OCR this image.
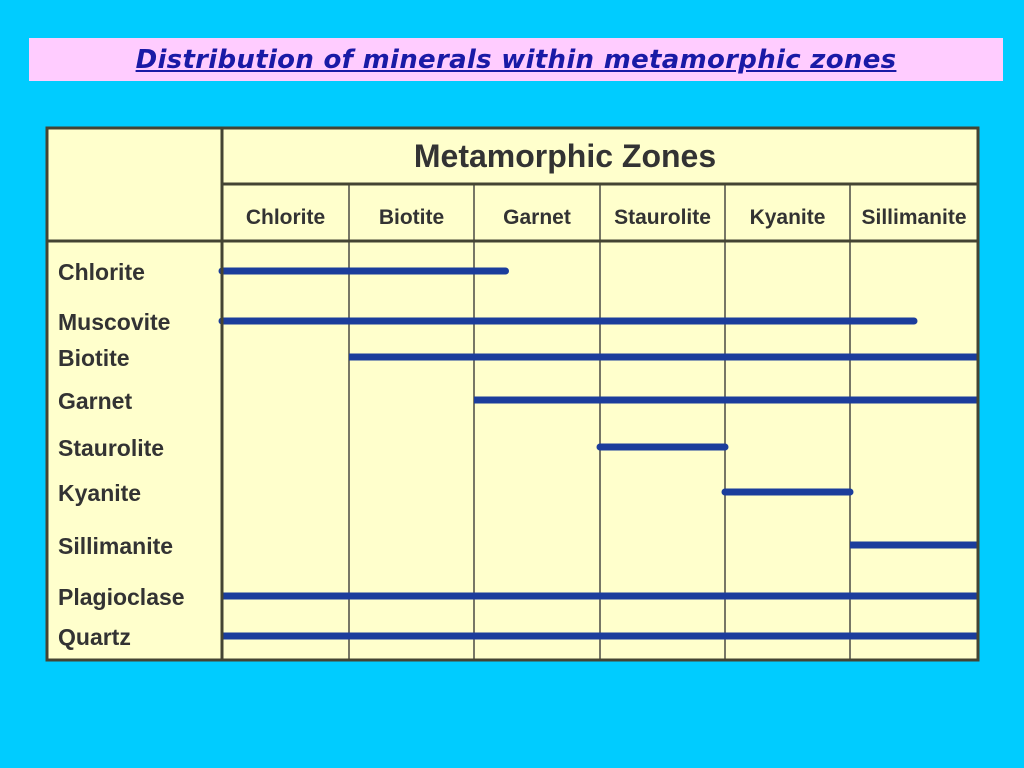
Distribution of minerals within metamorphic zones
Metamorphic Zones
Chlorite	Biotite	Garnet Staurolite Kyanite Sillimanite
Chlorite
Muscovite
Biotite
Garnet
Staurolite
Kyanite
Sillimanite
Plagioclase
Quartz
